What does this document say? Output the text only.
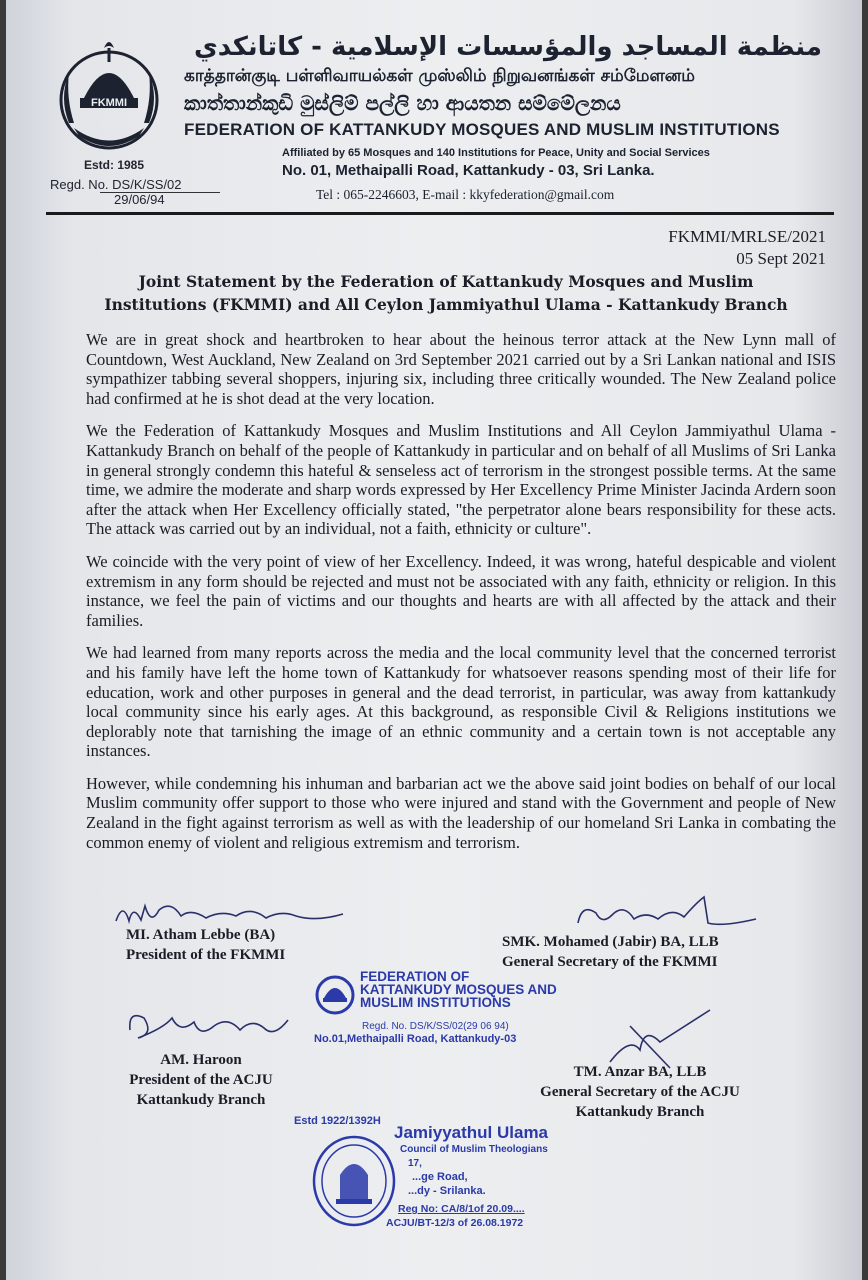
FKMMI
Estd: 1985
Regd. No. DS/K/SS/02

29/06/94
منظمة المساجد والمؤسسات الإسلامية - كاتانكدي
காத்தான்குடி பள்ளிவாயல்கள் முஸ்லிம் நிறுவனங்கள் சம்மேளனம்
කාත්තාන්කුඩි මුස්ලිම් පල්ලි හා ආයතන සම්මේලනය
FEDERATION OF KATTANKUDY MOSQUES AND MUSLIM INSTITUTIONS
Affiliated by 65 Mosques and 140 Institutions for Peace, Unity and Social Services
No. 01, Methaipalli Road, Kattankudy - 03, Sri Lanka.
Tel : 065-2246603, E-mail : kkyfederation@gmail.com
FKMMI/MRLSE/2021
05 Sept 2021
Joint Statement by the Federation of Kattankudy Mosques and Muslim
Institutions (FKMMI) and All Ceylon Jammiyathul Ulama - Kattankudy Branch

We are in great shock and heartbroken to hear about the heinous terror attack at the New Lynn mall of Countdown, West Auckland, New Zealand on 3rd September 2021 carried out by a Sri Lankan national and ISIS sympathizer tabbing several shoppers, injuring six, including three critically wounded. The New Zealand police had confirmed at he is shot dead at the very location.

We the Federation of Kattankudy Mosques and Muslim Institutions and All Ceylon Jammiyathul Ulama - Kattankudy Branch on behalf of the people of Kattankudy in particular and on behalf of all Muslims of Sri Lanka in general strongly condemn this hateful & senseless act of terrorism in the strongest possible terms. At the same time, we admire the moderate and sharp words expressed by Her Excellency Prime Minister Jacinda Ardern soon after the attack when Her Excellency officially stated, "the perpetrator alone bears responsibility for these acts. The attack was carried out by an individual, not a faith, ethnicity or culture".

We coincide with the very point of view of her Excellency. Indeed, it was wrong, hateful despicable and violent extremism in any form should be rejected and must not be associated with any faith, ethnicity or religion. In this instance, we feel the pain of victims and our thoughts and hearts are with all affected by the attack and their families.

We had learned from many reports across the media and the local community level that the concerned terrorist and his family have left the home town of Kattankudy for whatsoever reasons spending most of their life for education, work and other purposes in general and the dead terrorist, in particular, was away from kattankudy local community since his early ages. At this background, as responsible Civil & Religions institutions we deplorably note that tarnishing the image of an ethnic community and a certain town is not acceptable any instances.

However, while condemning his inhuman and barbarian act we the above said joint bodies on behalf of our local Muslim community offer support to those who were injured and stand with the Government and people of New Zealand in the fight against terrorism as well as with the leadership of our homeland Sri Lanka in combating the common enemy of violent and religious extremism and terrorism.

MI. Atham Lebbe (BA)
President of the FKMMI
SMK. Mohamed (Jabir) BA, LLB
General Secretary of the FKMMI
AM. Haroon
President of the ACJU
Kattankudy Branch
TM. Anzar BA, LLB
General Secretary of the ACJU
Kattankudy Branch
FEDERATION OF KATTANKUDY MOSQUES AND MUSLIM INSTITUTIONS
Regd. No. DS/K/SS/02(29 06 94)
No.01,Methaipalli Road, Kattankudy-03
Estd 1922/1392H
Jamiyyathul Ulama
Council of Muslim Theologians
17,
...ge Road,
...dy - Srilanka.
Reg No: CA/8/1of 20.09....
ACJU/BT-12/3 of 26.08.1972
